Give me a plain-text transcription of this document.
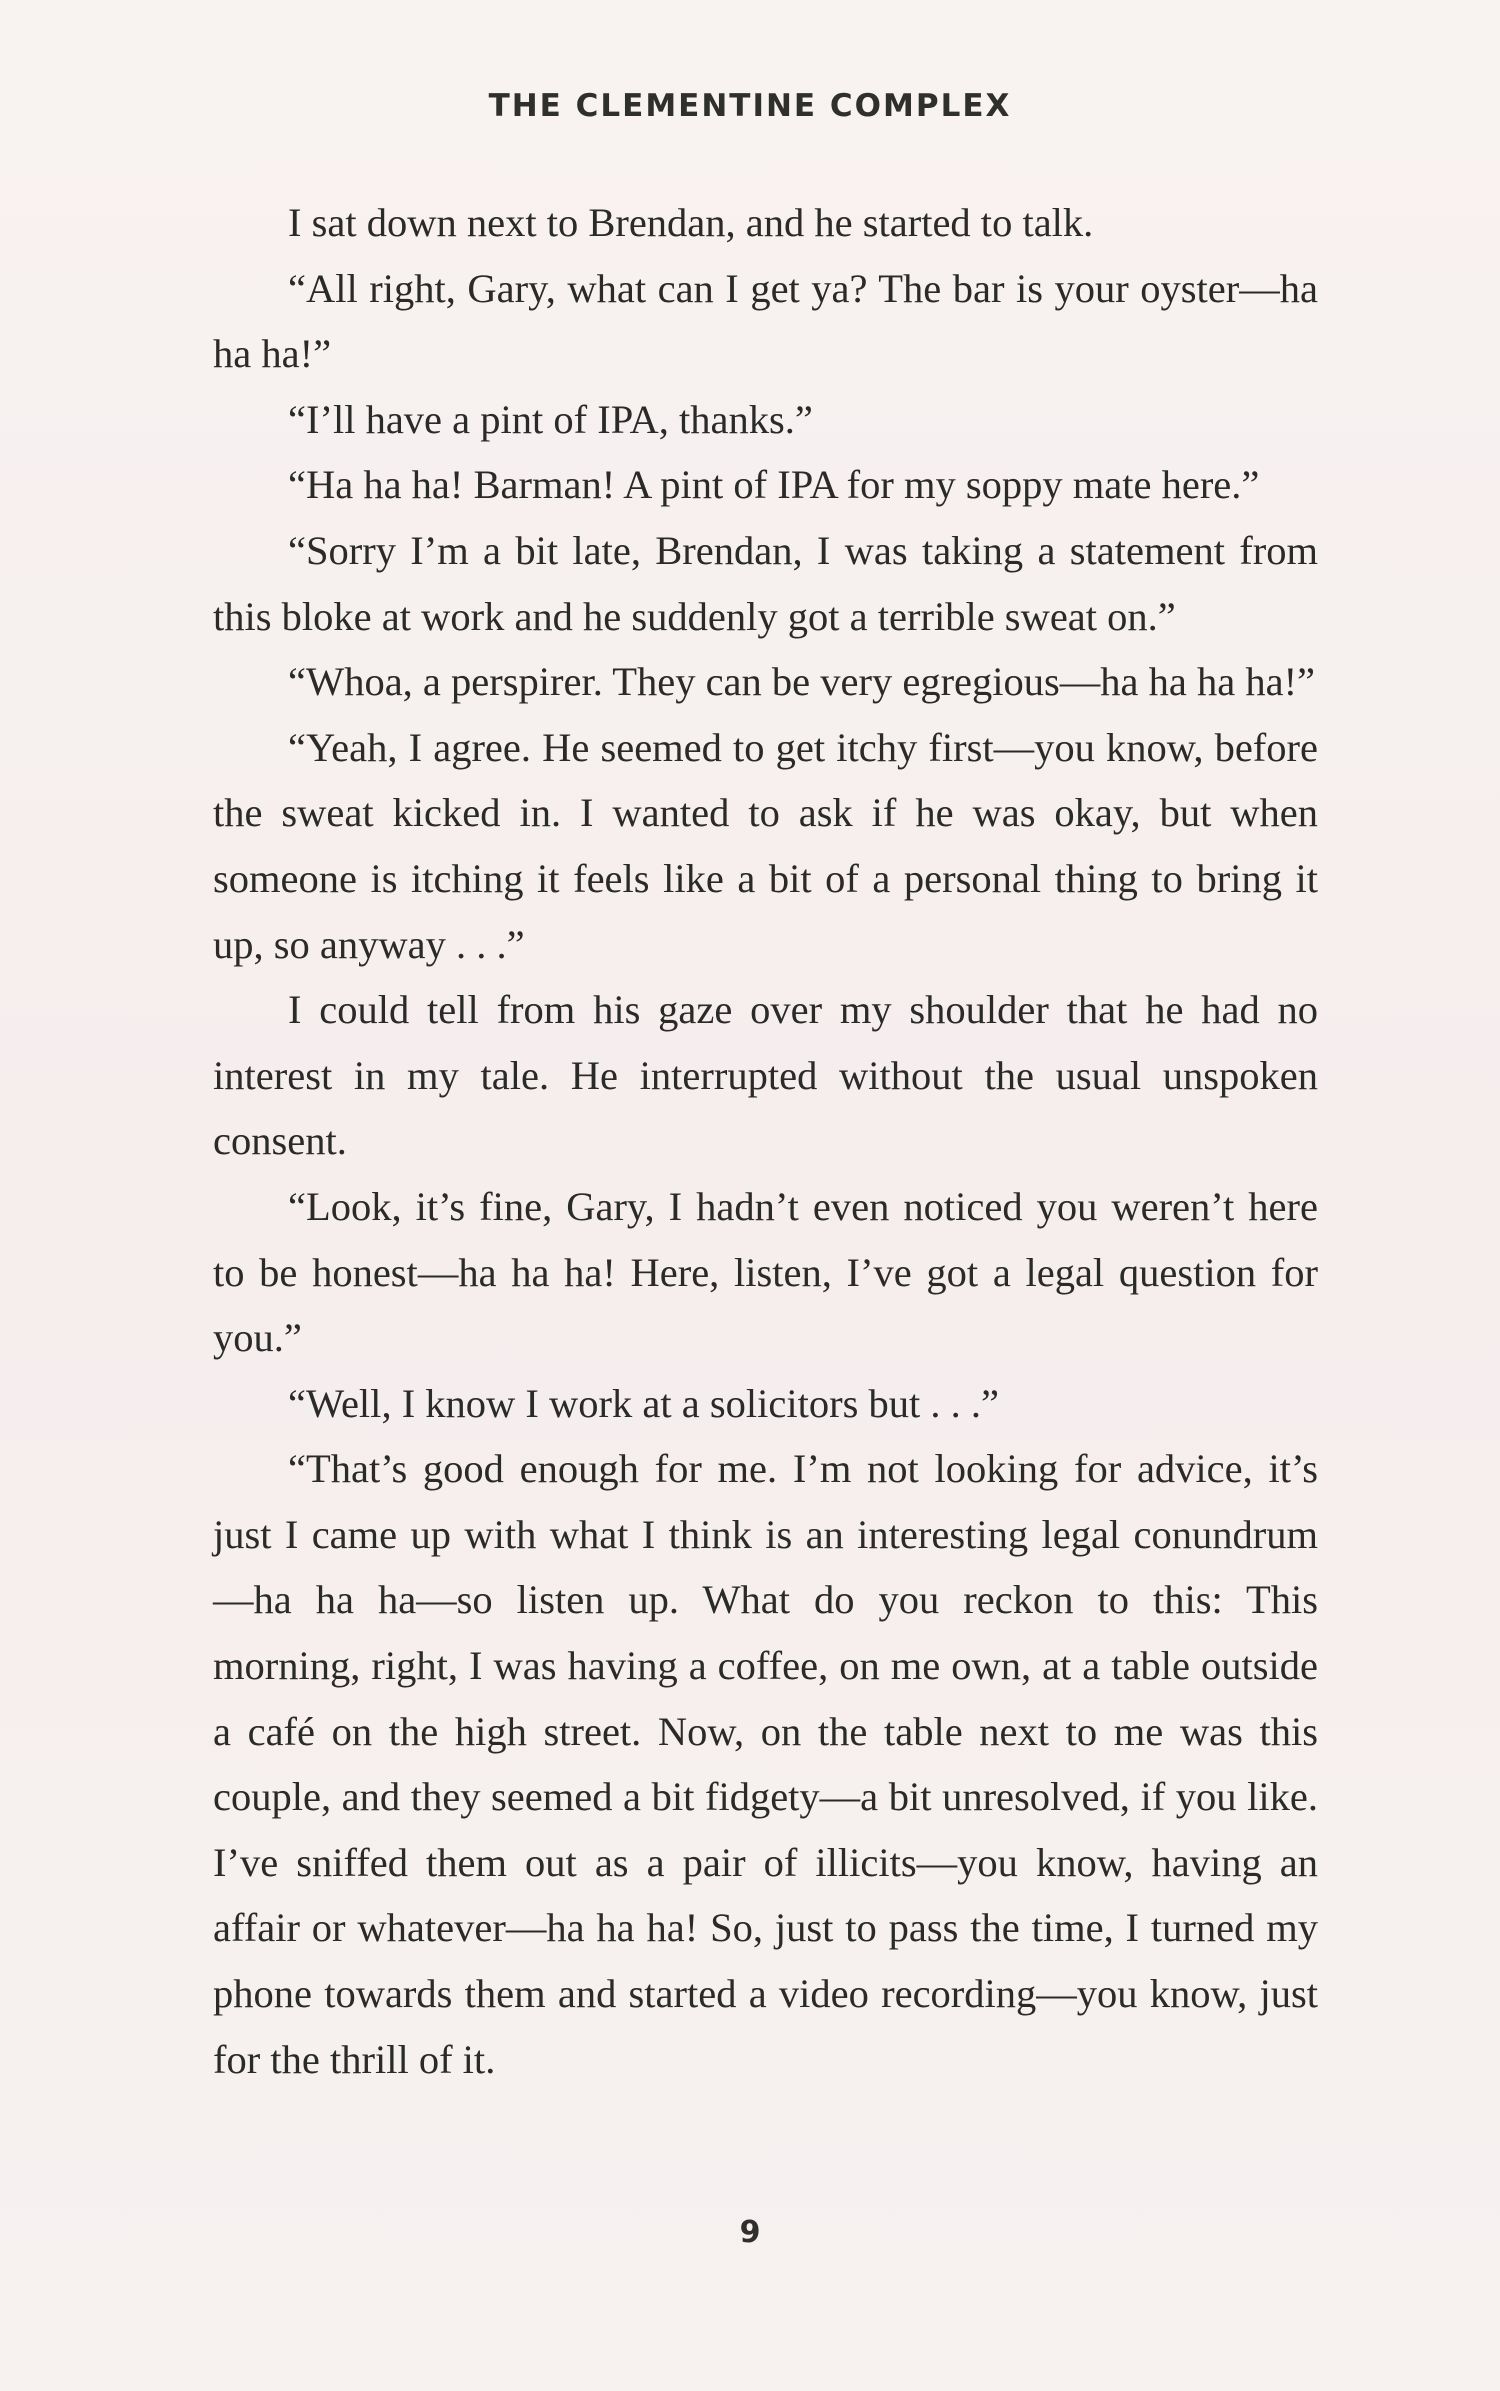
THE CLEMENTINE COMPLEX

I sat down next to Brendan, and he started to talk.

“All right, Gary, what can I get ya? The bar is your oyster—ha ha ha!”

“I’ll have a pint of IPA, thanks.”

“Ha ha ha! Barman! A pint of IPA for my soppy mate here.”

“Sorry I’m a bit late, Brendan, I was taking a statement from this bloke at work and he suddenly got a terrible sweat on.”

“Whoa, a perspirer. They can be very egregious—ha ha ha ha!”

“Yeah, I agree. He seemed to get itchy first—you know, before the sweat kicked in. I wanted to ask if he was okay, but when someone is itching it feels like a bit of a personal thing to bring it up, so anyway . . .”

I could tell from his gaze over my shoulder that he had no interest in my tale. He interrupted without the usual unspoken consent.

“Look, it’s fine, Gary, I hadn’t even noticed you weren’t here to be honest—ha ha ha! Here, listen, I’ve got a legal question for you.”

“Well, I know I work at a solicitors but . . .”

“That’s good enough for me. I’m not looking for advice, it’s just I came up with what I think is an interesting legal conundrum—ha ha ha—so listen up. What do you reckon to this: This morning, right, I was having a coffee, on me own, at a table outside a café on the high street. Now, on the table next to me was this couple, and they seemed a bit fidgety—a bit unresolved, if you like. I’ve sniffed them out as a pair of illicits—you know, having an affair or whatever—ha ha ha! So, just to pass the time, I turned my phone towards them and started a video recording—you know, just for the thrill of it.

9
